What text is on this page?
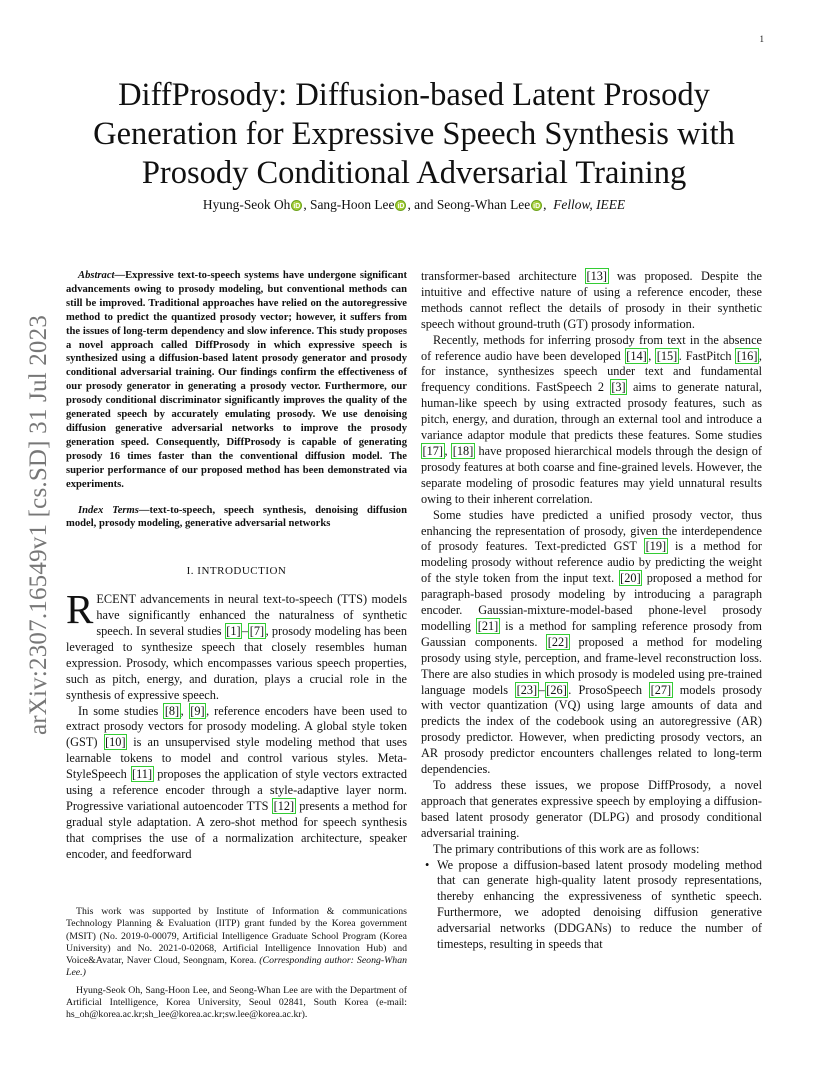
1
arXiv:2307.16549v1 [cs.SD] 31 Jul 2023
DiffProsody: Diffusion-based Latent Prosody
Generation for Expressive Speech Synthesis with
Prosody Conditional Adversarial Training
Hyung-Seok Oh iD , Sang-Hoon Lee iD , and Seong-Whan Lee iD ,  Fellow, IEEE

Abstract—Expressive text-to-speech systems have undergone significant advancements owing to prosody modeling, but conventional methods can still be improved. Traditional approaches have relied on the autoregressive method to predict the quantized prosody vector; however, it suffers from the issues of long-term dependency and slow inference. This study proposes a novel approach called DiffProsody in which expressive speech is synthesized using a diffusion-based latent prosody generator and prosody conditional adversarial training. Our findings confirm the effectiveness of our prosody generator in generating a prosody vector. Furthermore, our prosody conditional discriminator significantly improves the quality of the generated speech by accurately emulating prosody. We use denoising diffusion generative adversarial networks to improve the prosody generation speed. Consequently, DiffProsody is capable of generating prosody 16 times faster than the conventional diffusion model. The superior performance of our proposed method has been demonstrated via experiments.

Index Terms—text-to-speech, speech synthesis, denoising diffusion model, prosody modeling, generative adversarial networks

I. INTRODUCTION

RECENT advancements in neural text-to-speech (TTS) models have significantly enhanced the naturalness of synthetic speech. In several studies [1] – [7] , prosody modeling has been leveraged to synthesize speech that closely resembles human expression. Prosody, which encompasses various speech properties, such as pitch, energy, and duration, plays a crucial role in the synthesis of expressive speech.

In some studies [8] , [9] , reference encoders have been used to extract prosody vectors for prosody modeling. A global style token (GST) [10] is an unsupervised style modeling method that uses learnable tokens to model and control various styles. Meta-StyleSpeech [11] proposes the application of style vectors extracted using a reference encoder through a style-adaptive layer norm. Progressive variational autoencoder TTS [12] presents a method for gradual style adaptation. A zero-shot method for speech synthesis that comprises the use of a normalization architecture, speaker encoder, and feedforward

This work was supported by Institute of Information & communications Technology Planning & Evaluation (IITP) grant funded by the Korea government (MSIT) (No. 2019-0-00079, Artificial Intelligence Graduate School Program (Korea University) and No. 2021-0-02068, Artificial Intelligence Innovation Hub) and Voice&Avatar, Naver Cloud, Seongnam, Korea. (Corresponding author: Seong-Whan Lee.)

Hyung-Seok Oh, Sang-Hoon Lee, and Seong-Whan Lee are with the Department of Artificial Intelligence, Korea University, Seoul 02841, South Korea (e-mail: hs_oh@korea.ac.kr;sh_lee@korea.ac.kr;sw.lee@korea.ac.kr).

transformer-based architecture [13] was proposed. Despite the intuitive and effective nature of using a reference encoder, these methods cannot reflect the details of prosody in their synthetic speech without ground-truth (GT) prosody information.

Recently, methods for inferring prosody from text in the absence of reference audio have been developed [14] , [15] . FastPitch [16] , for instance, synthesizes speech under text and fundamental frequency conditions. FastSpeech 2 [3] aims to generate natural, human-like speech by using extracted prosody features, such as pitch, energy, and duration, through an external tool and introduce a variance adaptor module that predicts these features. Some studies [17] , [18] have proposed hierarchical models through the design of prosody features at both coarse and fine-grained levels. However, the separate modeling of prosodic features may yield unnatural results owing to their inherent correlation.

Some studies have predicted a unified prosody vector, thus enhancing the representation of prosody, given the interdependence of prosody features. Text-predicted GST [19] is a method for modeling prosody without reference audio by predicting the weight of the style token from the input text. [20] proposed a method for paragraph-based prosody modeling by introducing a paragraph encoder. Gaussian-mixture-model-based phone-level prosody modelling [21] is a method for sampling reference prosody from Gaussian components. [22] proposed a method for modeling prosody using style, perception, and frame-level reconstruction loss. There are also studies in which prosody is modeled using pre-trained language models [23] – [26] . ProsoSpeech [27] models prosody with vector quantization (VQ) using large amounts of data and predicts the index of the codebook using an autoregressive (AR) prosody predictor. However, when predicting prosody vectors, an AR prosody predictor encounters challenges related to long-term dependencies.

To address these issues, we propose DiffProsody, a novel approach that generates expressive speech by employing a diffusion-based latent prosody generator (DLPG) and prosody conditional adversarial training.

The primary contributions of this work are as follows:

• We propose a diffusion-based latent prosody modeling method that can generate high-quality latent prosody representations, thereby enhancing the expressiveness of synthetic speech. Furthermore, we adopted denoising diffusion generative adversarial networks (DDGANs) to reduce the number of timesteps, resulting in speeds that
